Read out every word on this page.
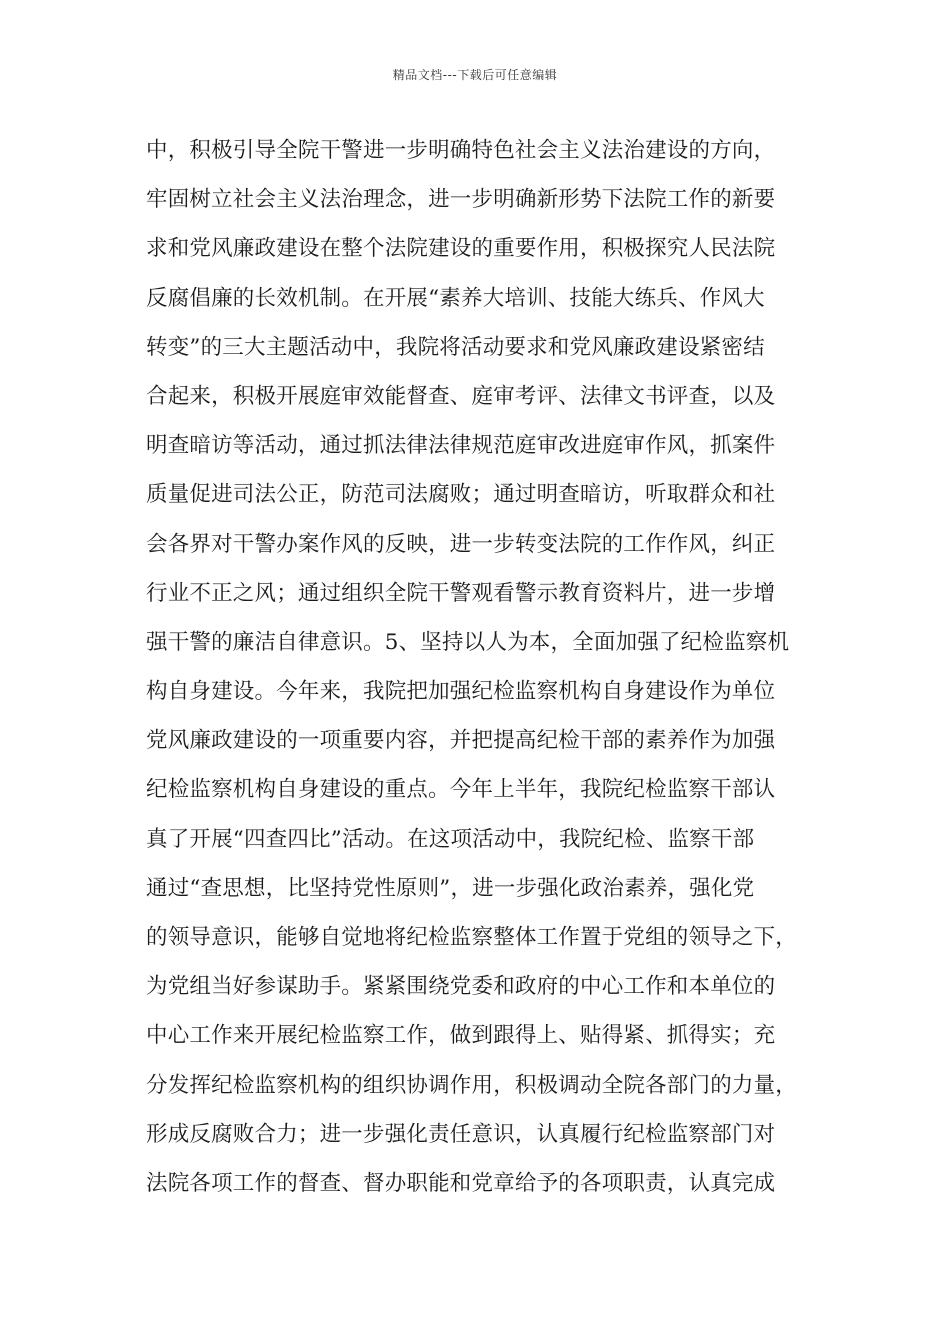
精品文档---下载后可任意编辑
中，积极引导全院干警进一步明确特色社会主义法治建设的方向，
牢固树立社会主义法治理念，进一步明确新形势下法院工作的新要
求和党风廉政建设在整个法院建设的重要作用，积极探究人民法院
反腐倡廉的长效机制。在开展“素养大培训、技能大练兵、作风大
转变”的三大主题活动中，我院将活动要求和党风廉政建设紧密结
合起来，积极开展庭审效能督查、庭审考评、法律文书评查，以及
明查暗访等活动，通过抓法律法律规范庭审改进庭审作风，抓案件
质量促进司法公正，防范司法腐败；通过明查暗访，听取群众和社
会各界对干警办案作风的反映，进一步转变法院的工作作风，纠正
行业不正之风；通过组织全院干警观看警示教育资料片，进一步增
强干警的廉洁自律意识。5、坚持以人为本，全面加强了纪检监察机
构自身建设。今年来，我院把加强纪检监察机构自身建设作为单位
党风廉政建设的一项重要内容，并把提高纪检干部的素养作为加强
纪检监察机构自身建设的重点。今年上半年，我院纪检监察干部认
真了开展“四查四比”活动。在这项活动中，我院纪检、监察干部
通过“查思想，比坚持党性原则”，进一步强化政治素养，强化党
的领导意识，能够自觉地将纪检监察整体工作置于党组的领导之下，
为党组当好参谋助手。紧紧围绕党委和政府的中心工作和本单位的
中心工作来开展纪检监察工作，做到跟得上、贴得紧、抓得实；充
分发挥纪检监察机构的组织协调作用，积极调动全院各部门的力量，
形成反腐败合力；进一步强化责任意识，认真履行纪检监察部门对
法院各项工作的督查、督办职能和党章给予的各项职责，认真完成
